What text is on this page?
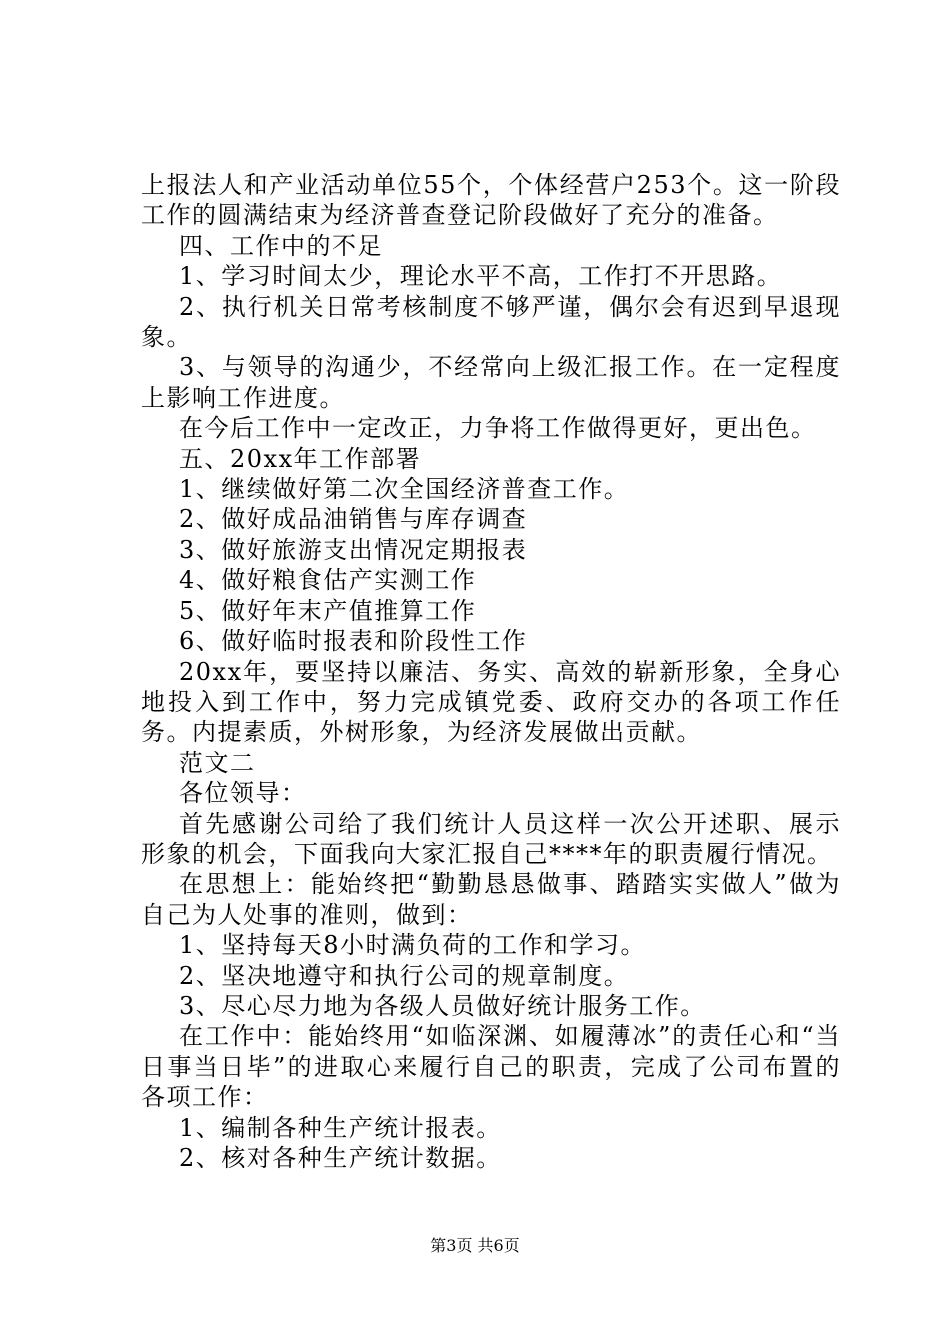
上报法人和产业活动单位55个，个体经营户253个。这一阶段工作的圆满结束为经济普查登记阶段做好了充分的准备。

四、工作中的不足

1、学习时间太少，理论水平不高，工作打不开思路。

2、执行机关日常考核制度不够严谨，偶尔会有迟到早退现象。

3、与领导的沟通少，不经常向上级汇报工作。在一定程度上影响工作进度。

在今后工作中一定改正，力争将工作做得更好，更出色。

五、20xx年工作部署

1、继续做好第二次全国经济普查工作。

2、做好成品油销售与库存调查

3、做好旅游支出情况定期报表

4、做好粮食估产实测工作

5、做好年末产值推算工作

6、做好临时报表和阶段性工作

20xx年，要坚持以廉洁、务实、高效的崭新形象，全身心地投入到工作中，努力完成镇党委、政府交办的各项工作任务。内提素质，外树形象，为经济发展做出贡献。

范文二

各位领导：

首先感谢公司给了我们统计人员这样一次公开述职、展示形象的机会，下面我向大家汇报自己****年的职责履行情况。

在思想上：能始终把“勤勤恳恳做事、踏踏实实做人”做为自己为人处事的准则，做到：

1、坚持每天8小时满负荷的工作和学习。

2、坚决地遵守和执行公司的规章制度。

3、尽心尽力地为各级人员做好统计服务工作。

在工作中：能始终用“如临深渊、如履薄冰”的责任心和“当日事当日毕”的进取心来履行自己的职责，完成了公司布置的各项工作：

1、编制各种生产统计报表。

2、核对各种生产统计数据。

第3页 共6页
